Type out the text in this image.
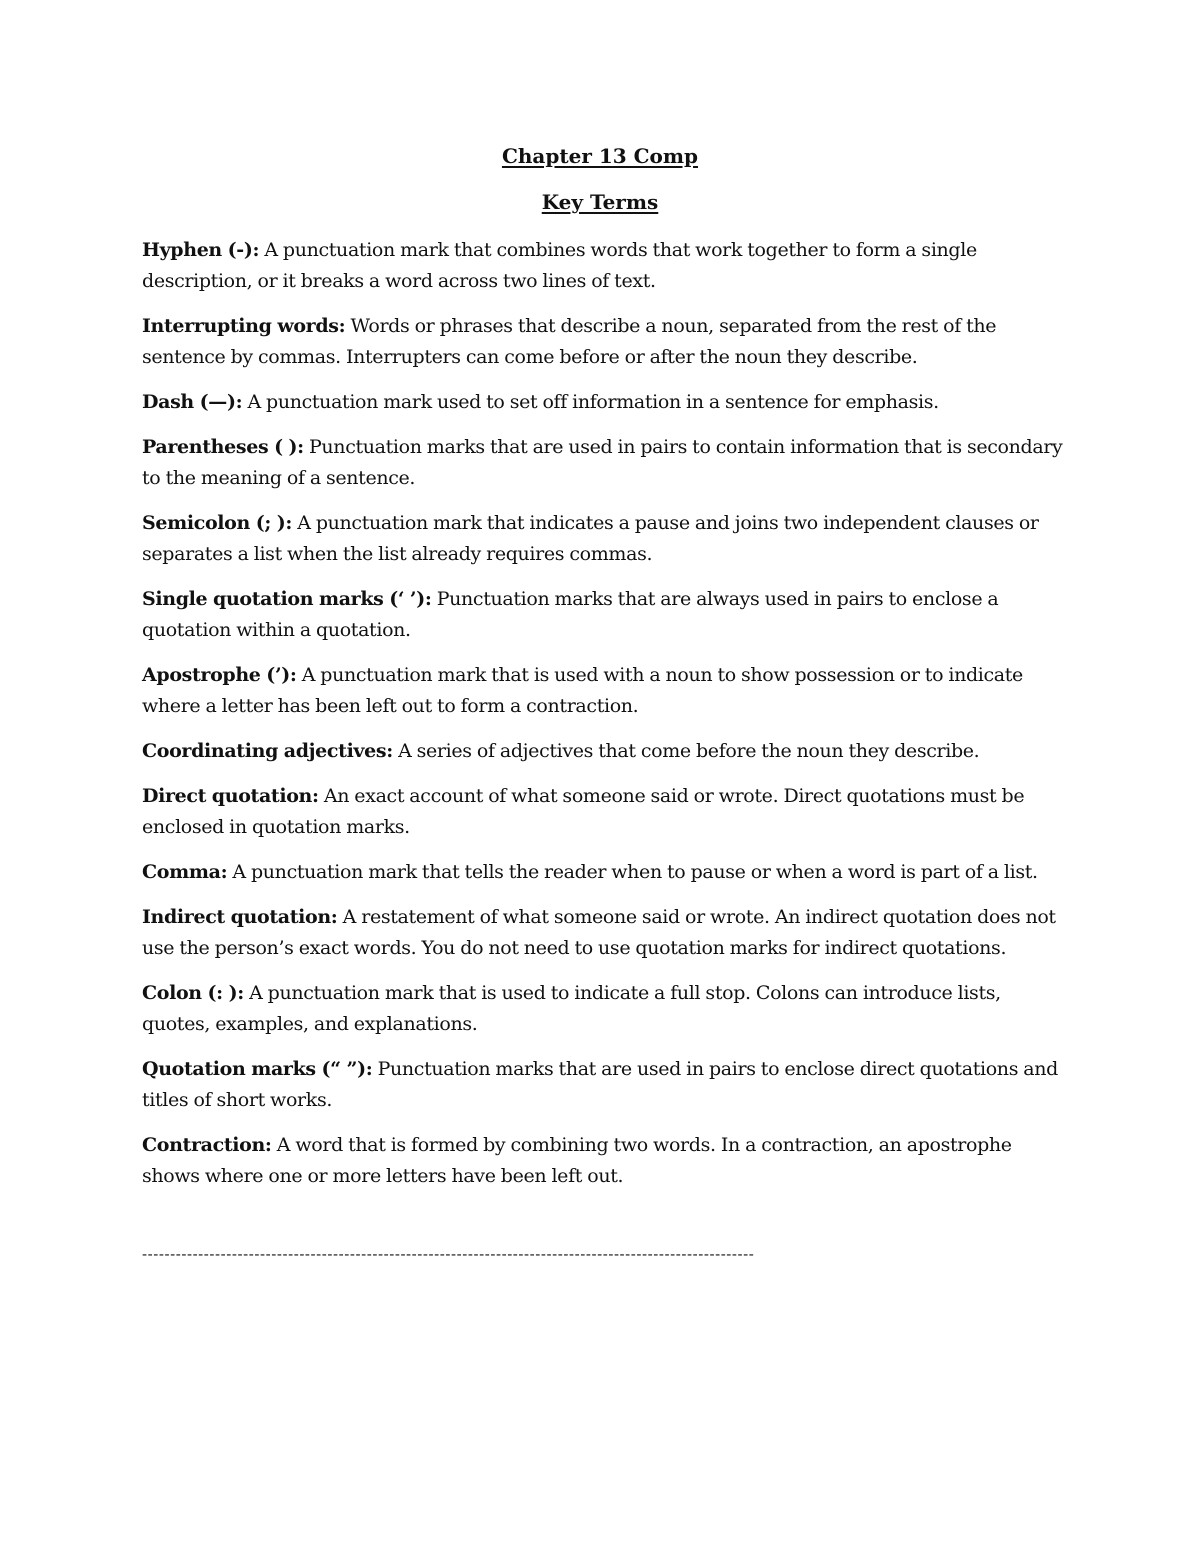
Chapter 13 Comp
Key Terms

Hyphen (-): A punctuation mark that combines words that work together to form a single description, or it breaks a word across two lines of text.

Interrupting words: Words or phrases that describe a noun, separated from the rest of the sentence by commas. Interrupters can come before or after the noun they describe.

Dash (—): A punctuation mark used to set off information in a sentence for emphasis.

Parentheses ( ): Punctuation marks that are used in pairs to contain information that is secondary to the meaning of a sentence.

Semicolon (; ): A punctuation mark that indicates a pause and joins two independent clauses or separates a list when the list already requires commas.

Single quotation marks (‘ ’): Punctuation marks that are always used in pairs to enclose a quotation within a quotation.

Apostrophe (’): A punctuation mark that is used with a noun to show possession or to indicate where a letter has been left out to form a contraction.

Coordinating adjectives: A series of adjectives that come before the noun they describe.

Direct quotation: An exact account of what someone said or wrote. Direct quotations must be enclosed in quotation marks.

Comma: A punctuation mark that tells the reader when to pause or when a word is part of a list.

Indirect quotation: A restatement of what someone said or wrote. An indirect quotation does not use the person’s exact words. You do not need to use quotation marks for indirect quotations.

Colon (: ): A punctuation mark that is used to indicate a full stop. Colons can introduce lists, quotes, examples, and explanations.

Quotation marks (“ ”): Punctuation marks that are used in pairs to enclose direct quotations and titles of short works.

Contraction: A word that is formed by combining two words. In a contraction, an apostrophe shows where one or more letters have been left out.

-------------------------------------------------------------------------------------------------------------
